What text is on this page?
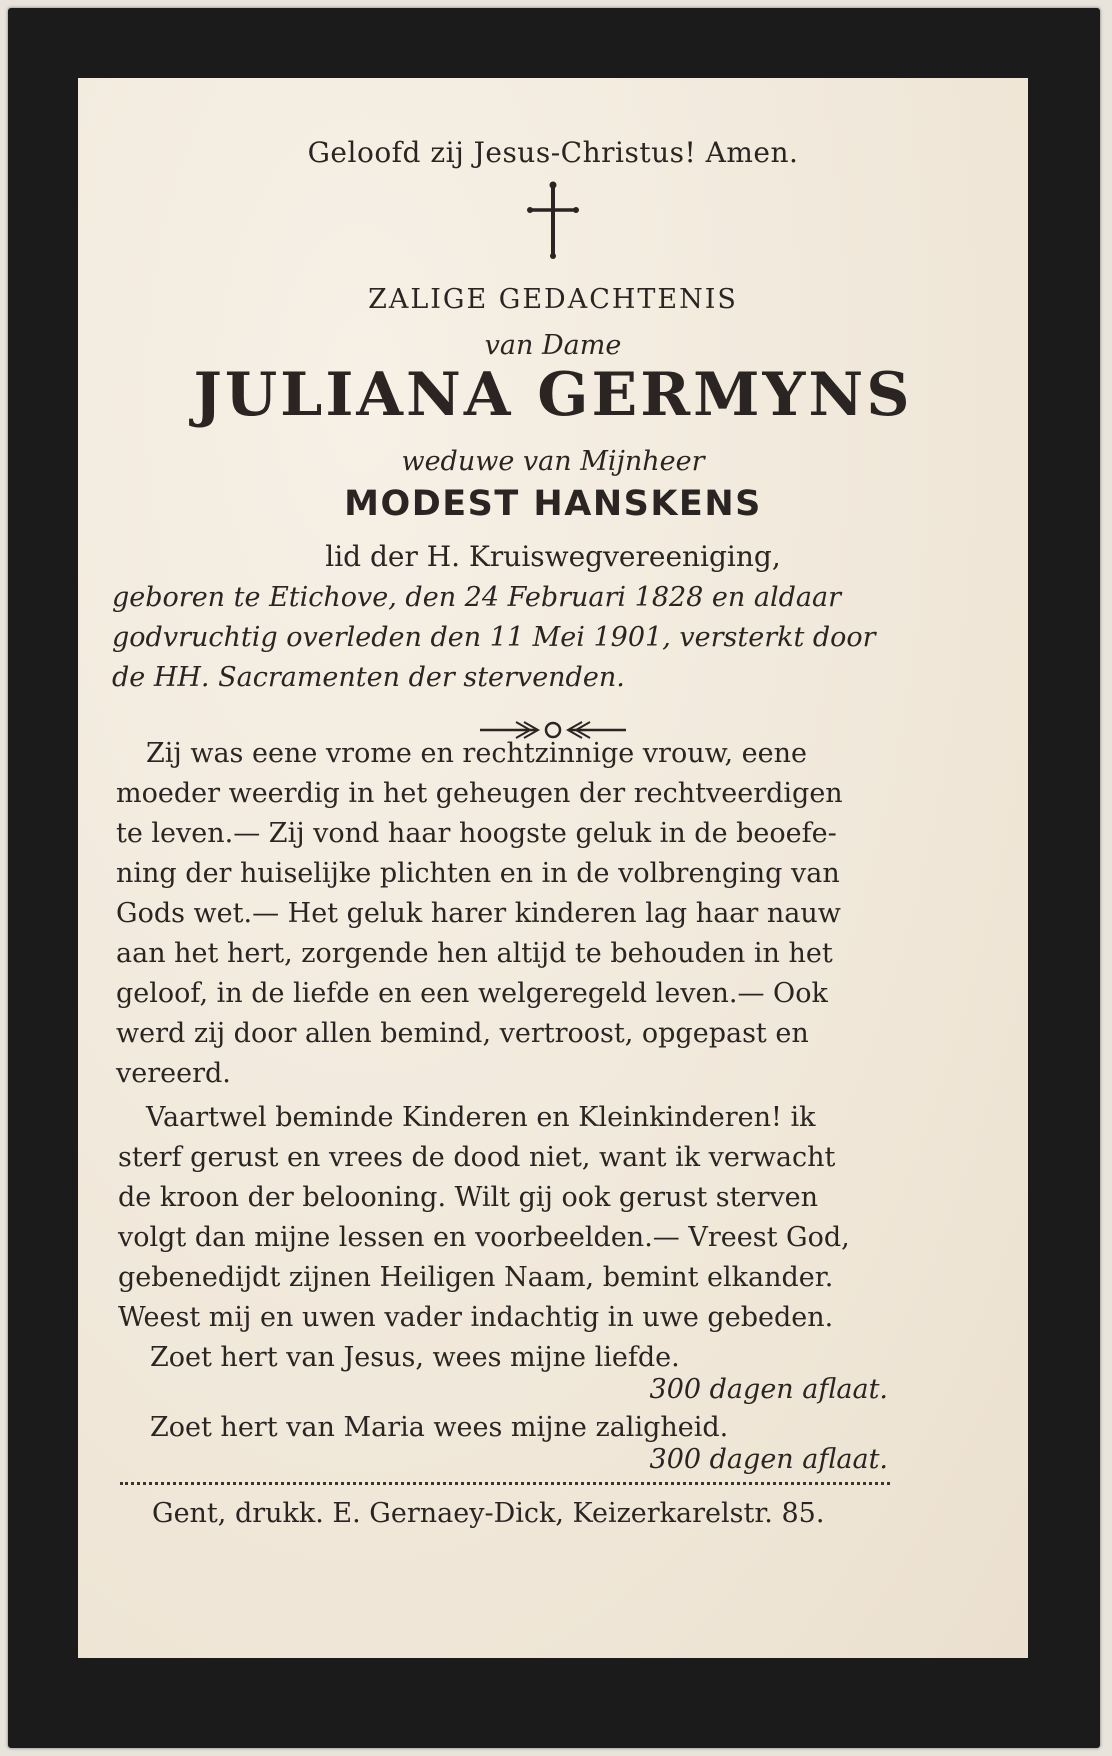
Geloofd zij Jesus-Christus! Amen.

ZALIGE GEDACHTENIS

van Dame

JULIANA GERMYNS

weduwe van Mijnheer

MODEST HANSKENS

lid der H. Kruiswegvereeniging,

geboren te Etichove, den 24 Februari 1828 en aldaar
godvruchtig overleden den 11 Mei 1901, versterkt door
de HH. Sacramenten der stervenden.
Zij was eene vrome en rechtzinnige vrouw, eene
moeder weerdig in het geheugen der rechtveerdigen
te leven.— Zij vond haar hoogste geluk in de beoefe-
ning der huiselijke plichten en in de volbrenging van
Gods wet.— Het geluk harer kinderen lag haar nauw
aan het hert, zorgende hen altijd te behouden in het
geloof, in de liefde en een welgeregeld leven.— Ook
werd zij door allen bemind, vertroost, opgepast en
vereerd.
Vaartwel beminde Kinderen en Kleinkinderen! ik
sterf gerust en vrees de dood niet, want ik verwacht
de kroon der belooning. Wilt gij ook gerust sterven
volgt dan mijne lessen en voorbeelden.— Vreest God,
gebenedijdt zijnen Heiligen Naam, bemint elkander.
Weest mij en uwen vader indachtig in uwe gebeden.
Zoet hert van Jesus, wees mijne liefde.
300 dagen aflaat.
Zoet hert van Maria wees mijne zaligheid.
300 dagen aflaat.

Gent, drukk. E. Gernaey-Dick, Keizerkarelstr. 85.
